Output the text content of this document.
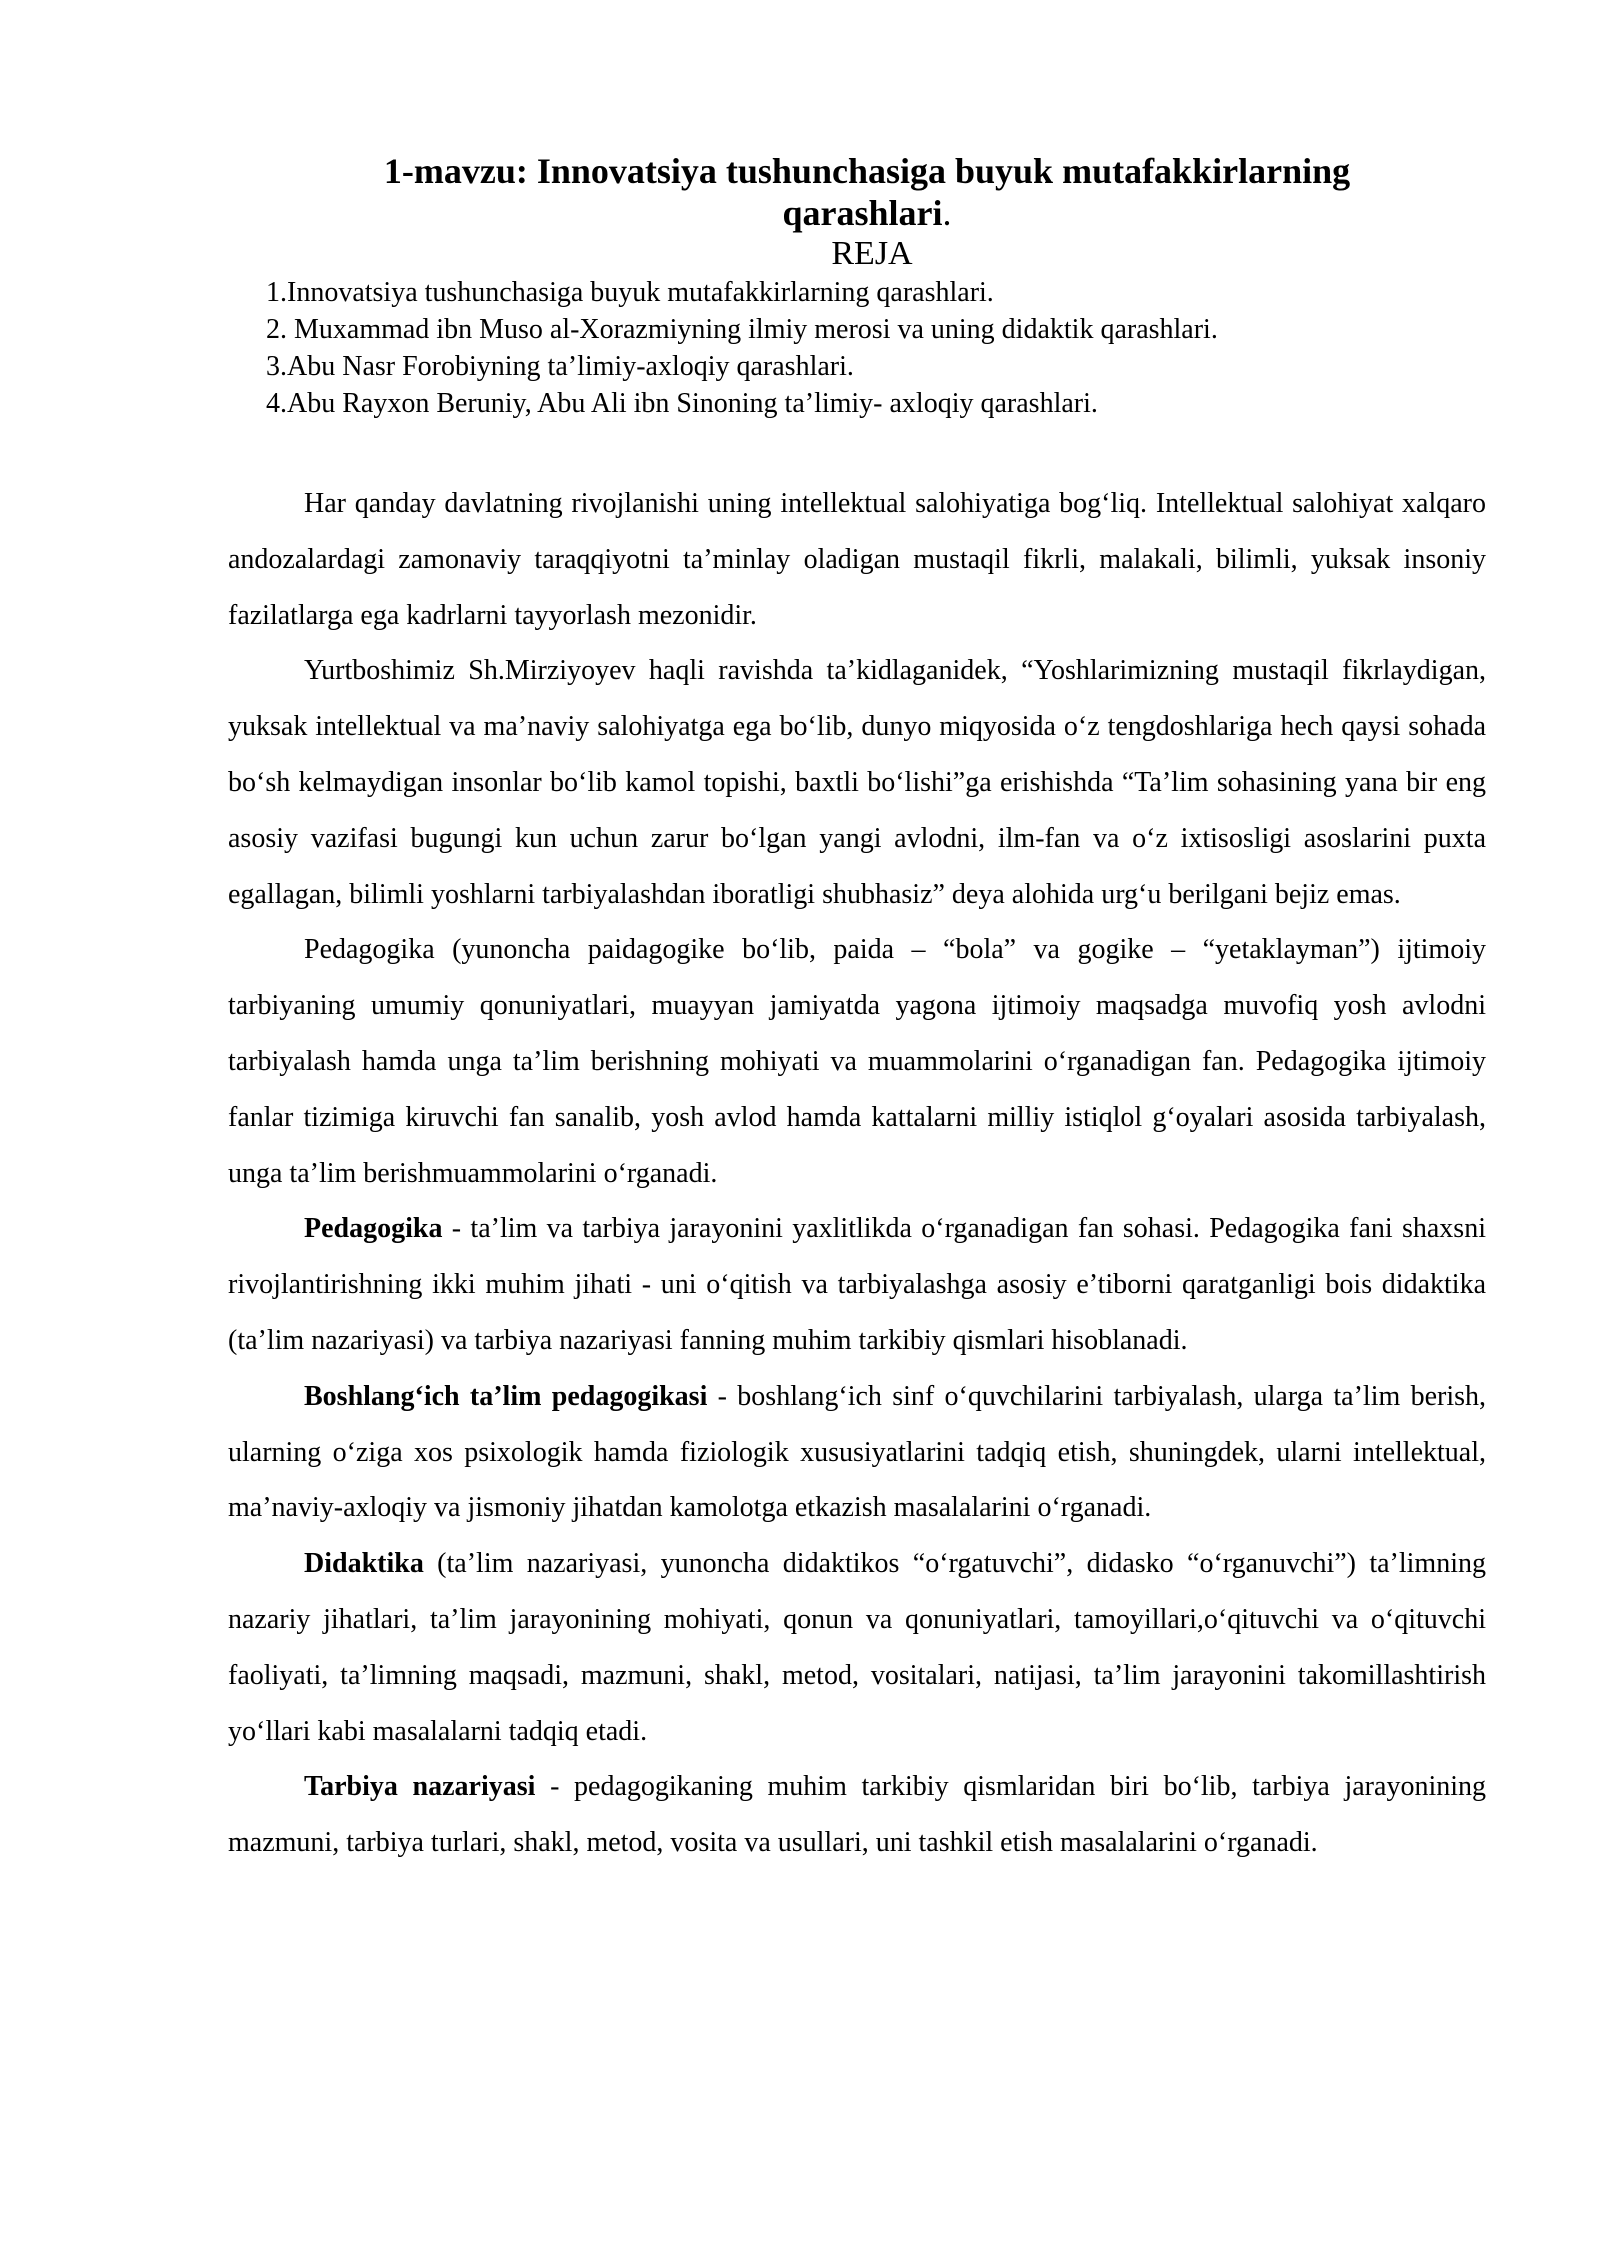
1-mavzu: Innovatsiya tushunchasiga buyuk mutafakkirlarning
qarashlari.
REJA
1.Innovatsiya tushunchasiga buyuk mutafakkirlarning qarashlari.
2. Muxammad ibn Muso al-Xorazmiyning ilmiy merosi va uning didaktik qarashlari.
3.Abu Nasr Forobiyning ta’limiy-axloqiy qarashlari.
4.Abu Rayxon Beruniy, Abu Ali ibn Sinoning ta’limiy- axloqiy qarashlari.

Har qanday davlatning rivojlanishi uning intellektual salohiyatiga bog‘liq. Intellektual salohiyat xalqaro andozalardagi zamonaviy taraqqiyotni ta’minlay oladigan mustaqil fikrli, malakali, bilimli, yuksak insoniy fazilatlarga ega kadrlarni tayyorlash mezonidir.

Yurtboshimiz Sh.Mirziyoyev haqli ravishda ta’kidlaganidek, “Yoshlarimizning mustaqil fikrlaydigan, yuksak intellektual va ma’naviy salohiyatga ega bo‘lib, dunyo miqyosida o‘z tengdoshlariga hech qaysi sohada bo‘sh kelmaydigan insonlar bo‘lib kamol topishi, baxtli bo‘lishi”ga erishishda “Ta’lim sohasining yana bir eng asosiy vazifasi bugungi kun uchun zarur bo‘lgan yangi avlodni, ilm-fan va o‘z ixtisosligi asoslarini puxta egallagan, bilimli yoshlarni tarbiyalashdan iboratligi shubhasiz” deya alohida urg‘u berilgani bejiz emas.

Pedagogika (yunoncha paidagogike bo‘lib, paida – “bola” va gogike – “yetaklayman”) ijtimoiy tarbiyaning umumiy qonuniyatlari, muayyan jamiyatda yagona ijtimoiy maqsadga muvofiq yosh avlodni tarbiyalash hamda unga ta’lim berishning mohiyati va muammolarini o‘rganadigan fan. Pedagogika ijtimoiy fanlar tizimiga kiruvchi fan sanalib, yosh avlod hamda kattalarni milliy istiqlol g‘oyalari asosida tarbiyalash, unga ta’lim berishmuammolarini o‘rganadi.

Pedagogika - ta’lim va tarbiya jarayonini yaxlitlikda o‘rganadigan fan sohasi. Pedagogika fani shaxsni rivojlantirishning ikki muhim jihati - uni o‘qitish va tarbiyalashga asosiy e’tiborni qaratganligi bois didaktika (ta’lim nazariyasi) va tarbiya nazariyasi fanning muhim tarkibiy qismlari hisoblanadi.

Boshlang‘ich ta’lim pedagogikasi - boshlang‘ich sinf o‘quvchilarini tarbiyalash, ularga ta’lim berish, ularning o‘ziga xos psixologik hamda fiziologik xususiyatlarini tadqiq etish, shuningdek, ularni intellektual, ma’naviy-axloqiy va jismoniy jihatdan kamolotga etkazish masalalarini o‘rganadi.

Didaktika (ta’lim nazariyasi, yunoncha didaktikos “o‘rgatuvchi”, didasko “o‘rganuvchi”) ta’limning nazariy jihatlari, ta’lim jarayonining mohiyati, qonun va qonuniyatlari, tamoyillari,o‘qituvchi va o‘qituvchi faoliyati, ta’limning maqsadi, mazmuni, shakl, metod, vositalari, natijasi, ta’lim jarayonini takomillashtirish yo‘llari kabi masalalarni tadqiq etadi.

Tarbiya nazariyasi - pedagogikaning muhim tarkibiy qismlaridan biri bo‘lib, tarbiya jarayonining mazmuni, tarbiya turlari, shakl, metod, vosita va usullari, uni tashkil etish masalalarini o‘rganadi.
